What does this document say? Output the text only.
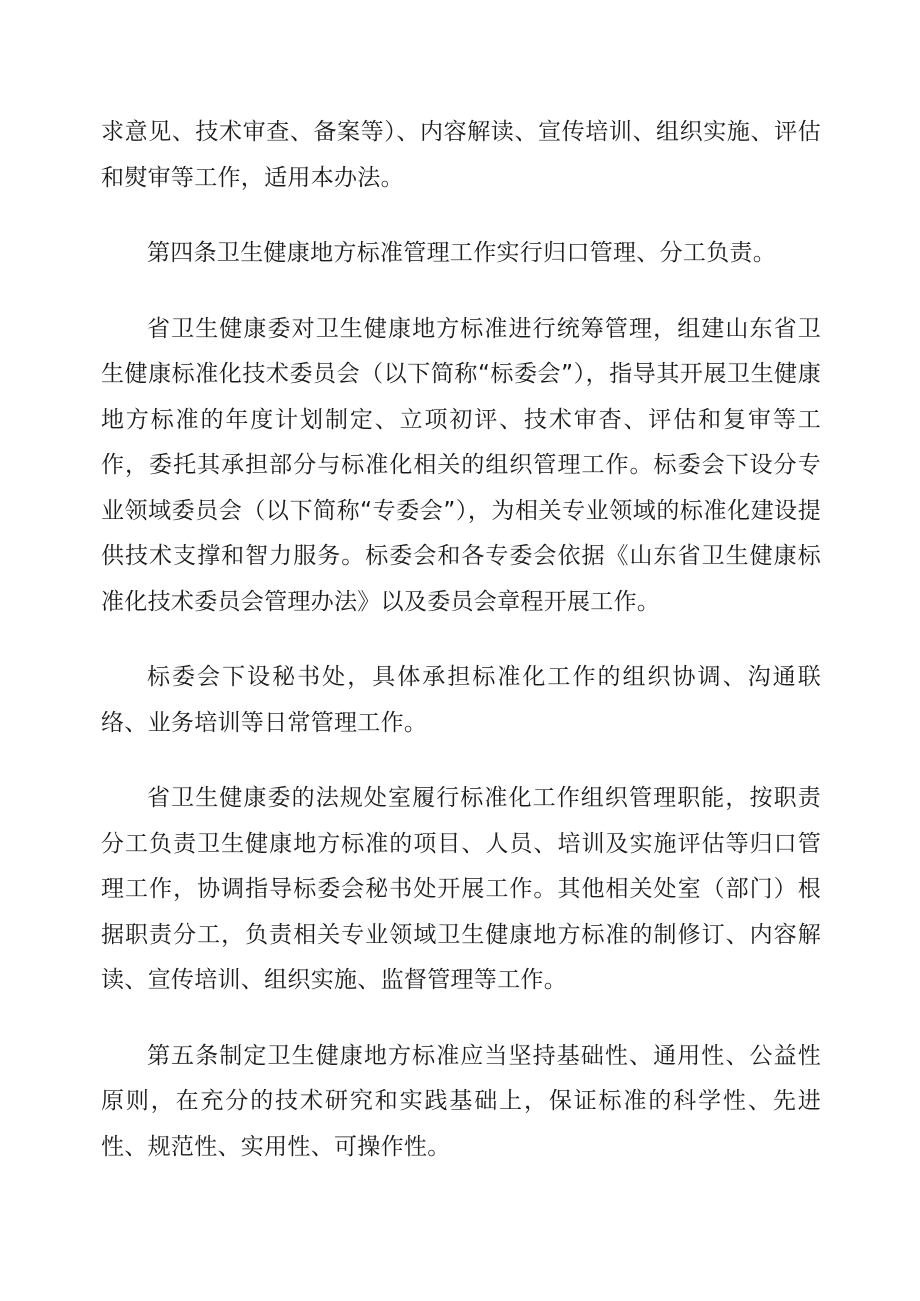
求意见、技术审查、备案等）、内容解读、宣传培训、组织实施、评估和熨审等工作，适用本办法。

第四条卫生健康地方标准管理工作实行归口管理、分工负责。

省卫生健康委对卫生健康地方标准进行统筹管理，组建山东省卫生健康标准化技术委员会（以下简称“标委会”），指导其开展卫生健康地方标准的年度计划制定、立项初评、技术审杳、评估和复审等工作，委托其承担部分与标准化相关的组织管理工作。标委会下设分专业领域委员会（以下简称“专委会”），为相关专业领域的标准化建设提供技术支撑和智力服务。标委会和各专委会依据《山东省卫生健康标准化技术委员会管理办法》以及委员会章程开展工作。

标委会下设秘书处，具体承担标准化工作的组织协调、沟通联络、业务培训等日常管理工作。

省卫生健康委的法规处室履行标准化工作组织管理职能，按职责分工负责卫生健康地方标准的项目、人员、培训及实施评估等归口管理工作，协调指导标委会秘书处开展工作。其他相关处室（部门）根据职责分工，负责相关专业领域卫生健康地方标准的制修订、内容解读、宣传培训、组织实施、监督管理等工作。

第五条制定卫生健康地方标准应当坚持基础性、通用性、公益性原则，在充分的技术研究和实践基础上，保证标准的科学性、先进性、规范性、实用性、可操作性。
